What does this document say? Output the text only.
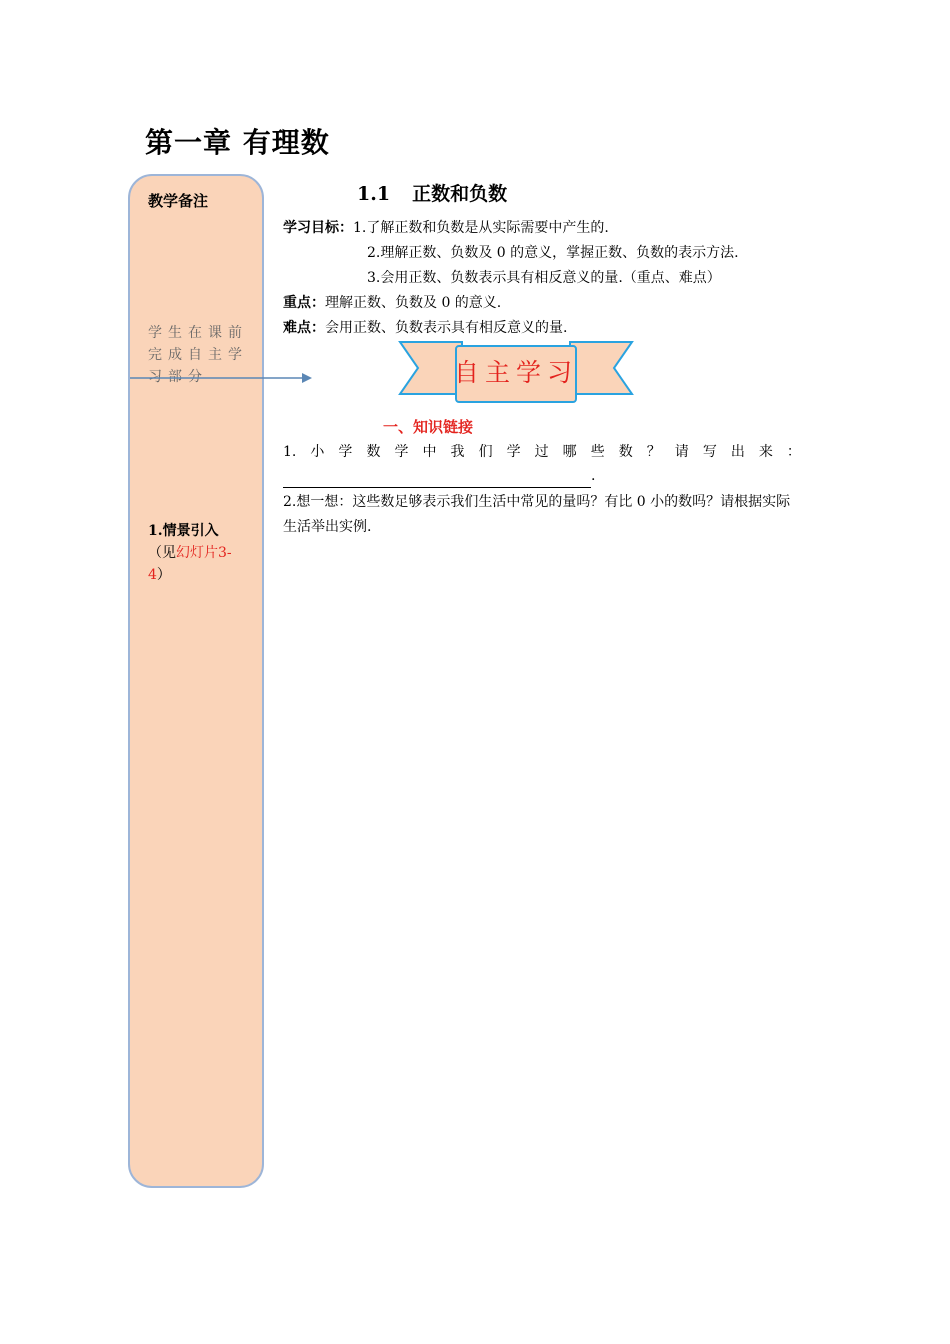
第一章 有理数
教学备注
学生在课前完成自主学习部分
1.情景引入
（见幻灯片3-4）
1.1 正数和负数
学习目标：1.了解正数和负数是从实际需要中产生的.
2.理解正数、负数及 0 的意义，掌握正数、负数的表示方法.
3.会用正数、负数表示具有相反意义的量.（重点、难点）
重点：理解正数、负数及 0 的意义.
难点：会用正数、负数表示具有相反意义的量.
自主学习
一、知识链接
1. 小 学 数 学 中 我 们 学 过 哪 些 数 ？ 请 写 出 来 ：
.
2.想一想：这些数足够表示我们生活中常见的量吗？有比 0 小的数吗？请根据实际生活举出实例.
